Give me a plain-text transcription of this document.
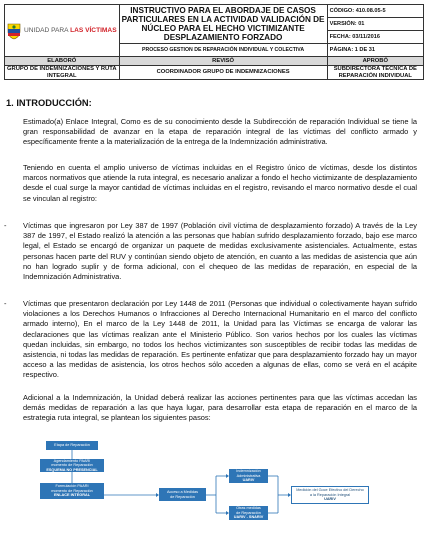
UNIDAD PARA LAS VÍCTIMAS	INSTRUCTIVO PARA EL ABORDAJE DE CASOS PARTICULARES EN LA ACTIVIDAD VALIDACIÓN DE NÚCLEO PARA EL HECHO VICTIMIZANTE DESPLAZAMIENTO FORZADO	CÓDIGO: 410.08.05-5
		VERSIÓN: 01
		FECHA: 03/11/2016
	PROCESO GESTION DE REPARACIÓN INDIVIDUAL Y COLECTIVA	PÁGINA: 1 DE 31
ELABORÓ	REVISÓ	APROBÓ
GRUPO DE INDEMNIZACIONES Y RUTA INTEGRAL	COORDINADOR GRUPO DE INDEMNIZACIONES	SUBDIRECTORA TÉCNICA DE REPARACIÓN INDIVIDUAL
1. INTRODUCCIÓN:

Estimado(a) Enlace Integral, Como es de su conocimiento desde la Subdirección de reparación Individual se tiene la gran responsabilidad de avanzar en la etapa de reparación integral de las víctimas del conflicto armado y específicamente frente a la materialización de la entrega de la Indemnización administrativa.

Teniendo en cuenta el amplio universo de víctimas incluidas en el Registro único de víctimas, desde los distintos marcos normativos que atiende la ruta integral, es necesario analizar a fondo el hecho victimizante de desplazamiento desde el cual surge la mayor cantidad de víctimas incluidas en el registro, revisando el marco normativo desde el cual se vinculan al registro:

-	Víctimas que ingresaron por Ley 387 de 1997 (Población civil víctima de desplazamiento forzado) A través de la Ley 387 de 1997, el Estado realizó la atención a las personas que habían sufrido desplazamiento forzado, bajo ese marco legal, el Estado se encargó de organizar un paquete de medidas exclusivamente asistenciales. Actualmente, estas personas hacen parte del RUV y continúan siendo objeto de atención, en cuanto a las medidas de asistencia que aún no han logrado suplir y de forma adicional, con el chequeo de las medidas de reparación, en especial de la Indemnización Administrativa.

-	Víctimas que presentaron declaración por Ley 1448 de 2011 (Personas que individual o colectivamente hayan sufrido violaciones a los Derechos Humanos o Infracciones al Derecho Internacional Humanitario en el marco del conflicto armado interno), En el marco de la Ley 1448 de 2011, la Unidad para las Víctimas se encarga de valorar las declaraciones que las víctimas realizan ante el Ministerio Público. Son varios hechos por los cuales las víctimas quedan incluidas, sin embargo, no todos los hechos victimizantes son susceptibles de recibir todas las medidas de asistencia, ni todas las medidas de reparación. Es pertinente enfatizar que para desplazamiento forzado hay un mayor acceso a las medidas de asistencia, los otros hechos sólo acceden a algunas de ellas, como se verá en el acápite respectivo.

Adicional a la Indemnización, la Unidad deberá realizar las acciones pertinentes para que las víctimas accedan las demás medidas de reparación a las que haya lugar, para desarrollar esta etapa de reparación en el marco de la estrategia ruta integral, se plantean los siguientes pasos:

Etapa de Reparación
Agendamiento PAARI
momento de Reparación
ESQUEMA NO PRESENCIAL
Formulación PAARI
momento de Reparación
ENLACE INTEGRAL
Acceso a Medidas
de Reparación
Indemnización
Administrativa
UARIV
Otras medidas
de Reparación
UARIV - SNARIV
Medición del Goce Efectivo del Derecho
a la Reparación Integral
UARIV
